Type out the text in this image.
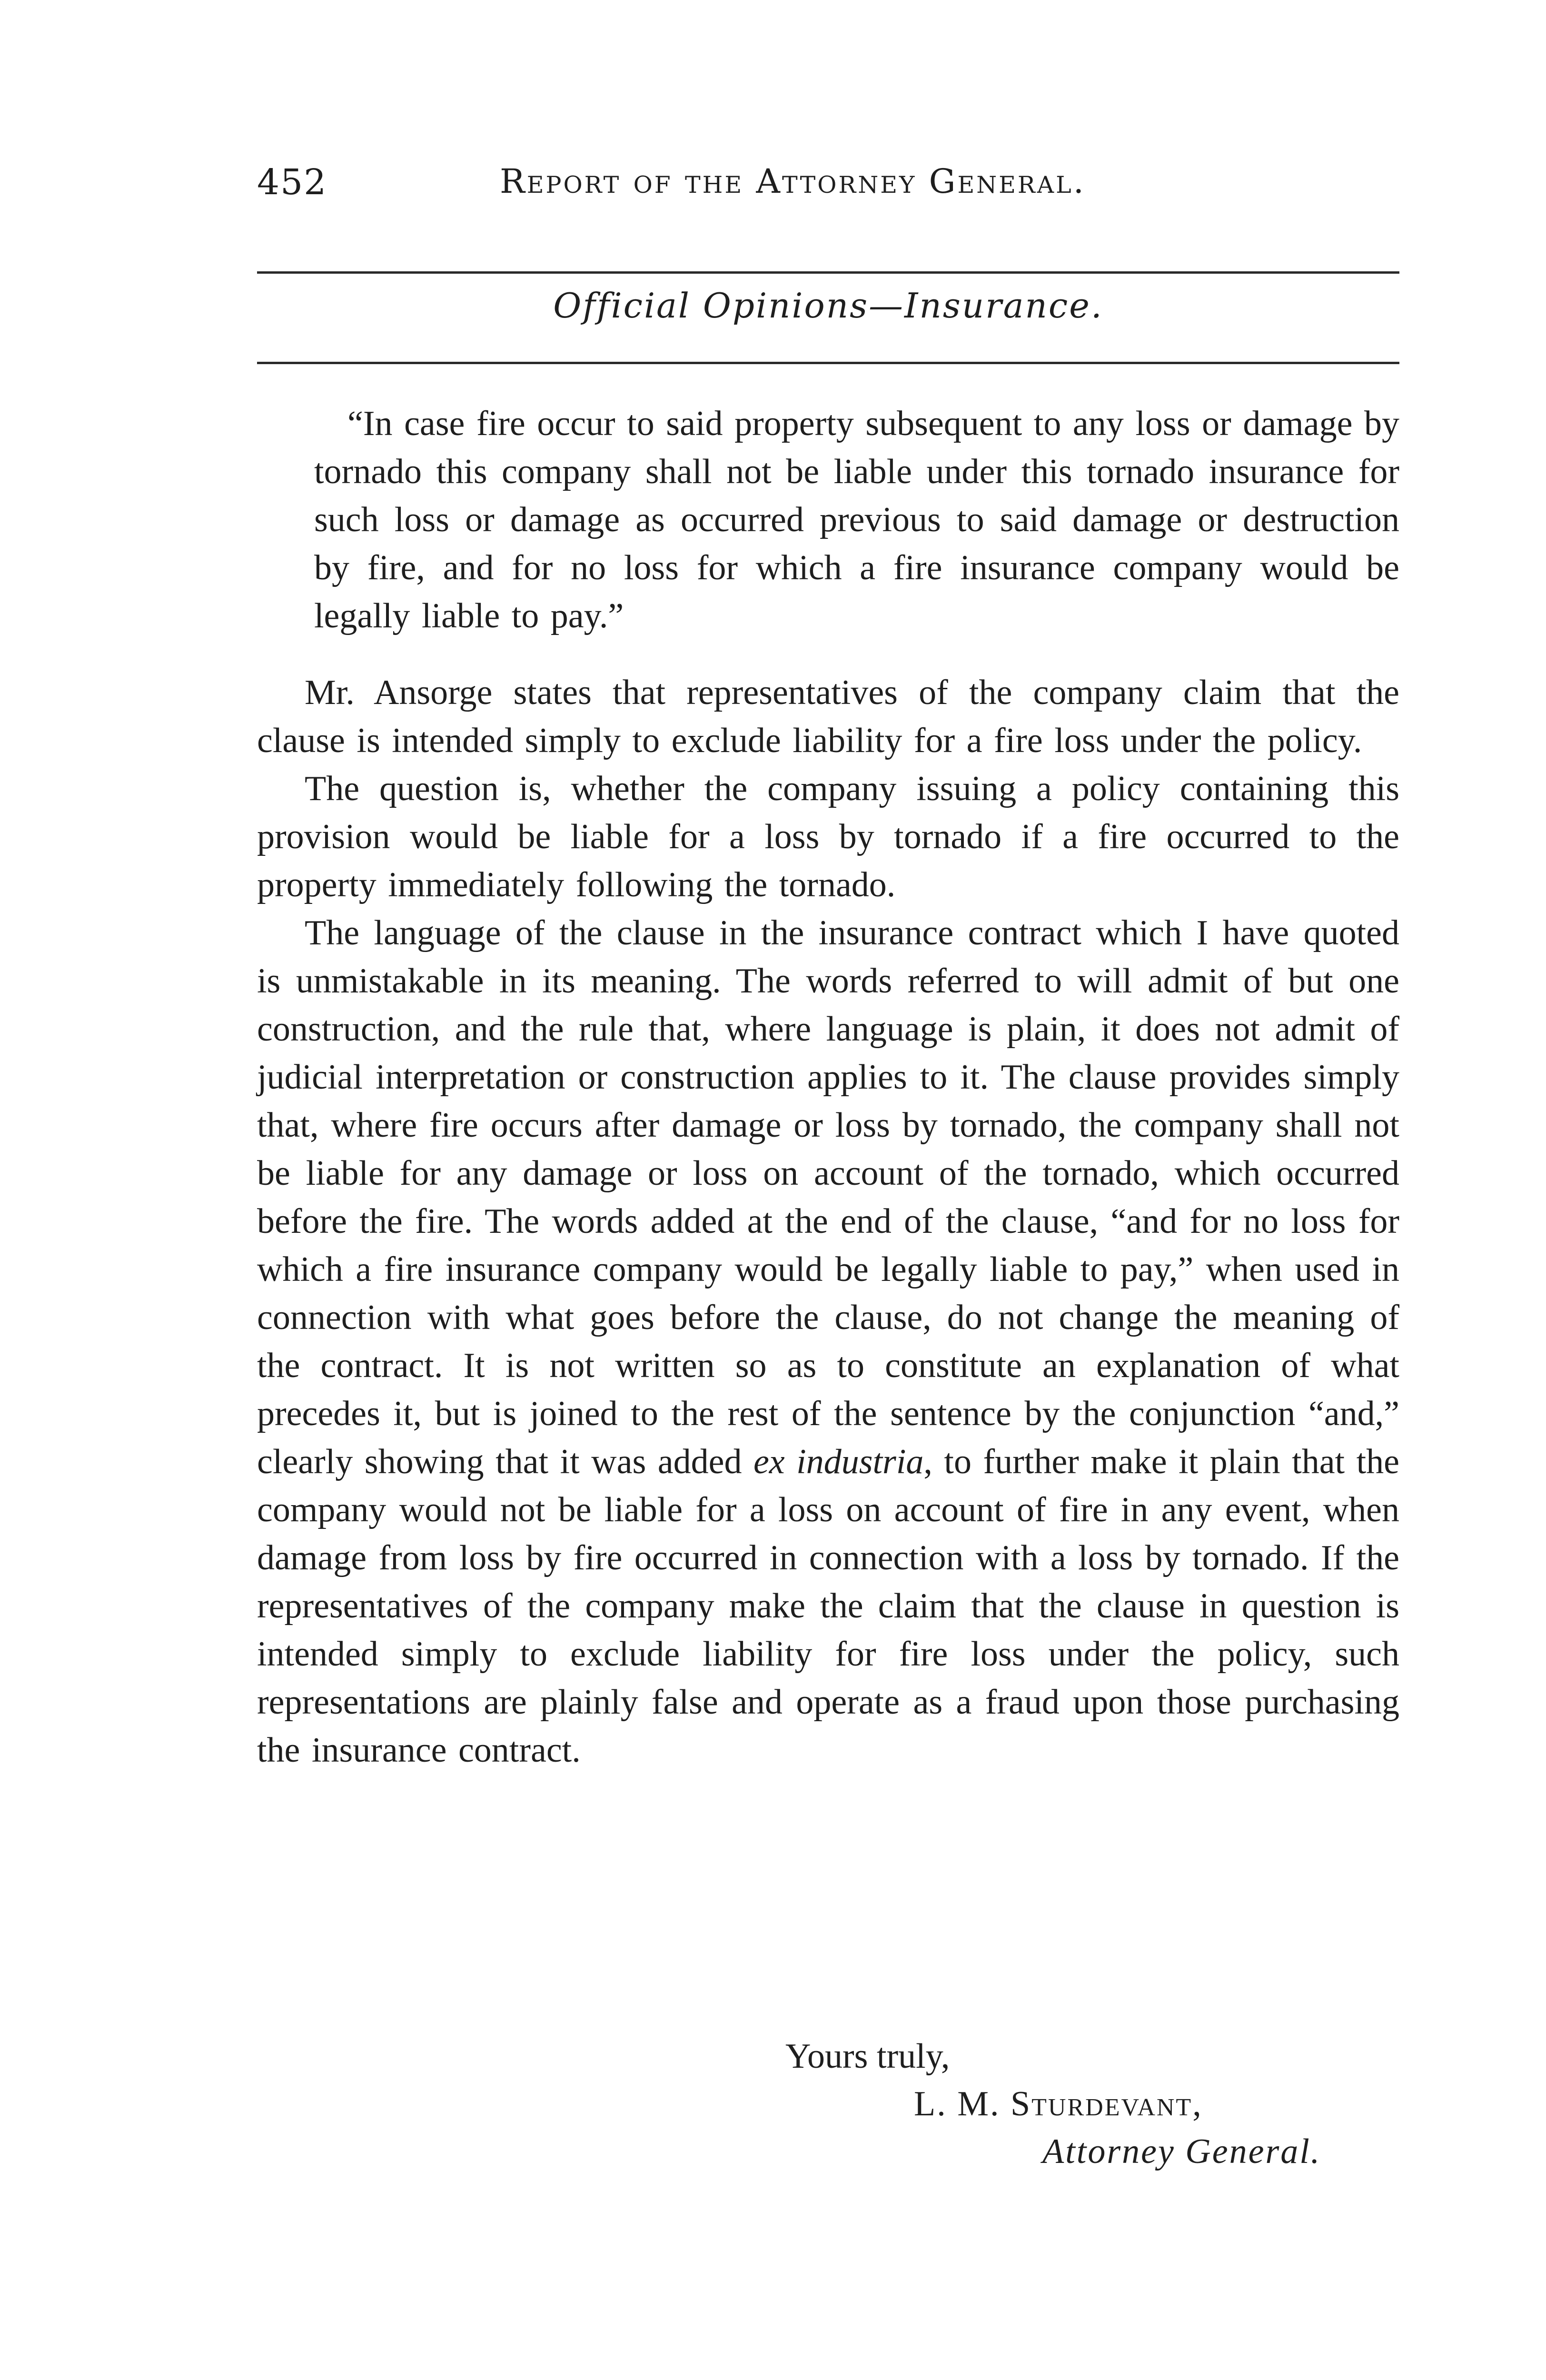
452	Report of the Attorney General.
Official Opinions—Insurance.

“In case fire occur to said property subsequent to any loss or damage by tornado this company shall not be liable under this tornado insurance for such loss or damage as occurred previous to said damage or destruction by fire, and for no loss for which a fire insurance company would be legally liable to pay.”

Mr. Ansorge states that representatives of the company claim that the clause is intended simply to exclude liability for a fire loss under the policy.

The question is, whether the company issuing a policy containing this provision would be liable for a loss by tornado if a fire occurred to the property immediately following the tornado.

The language of the clause in the insurance contract which I have quoted is unmistakable in its meaning. The words referred to will admit of but one construction, and the rule that, where language is plain, it does not admit of judicial interpretation or construction applies to it. The clause provides simply that, where fire occurs after damage or loss by tornado, the company shall not be liable for any damage or loss on account of the tornado, which occurred before the fire. The words added at the end of the clause, “and for no loss for which a fire insurance company would be legally liable to pay,” when used in connection with what goes before the clause, do not change the meaning of the contract. It is not written so as to constitute an explanation of what precedes it, but is joined to the rest of the sentence by the conjunction “and,” clearly showing that it was added ex industria, to further make it plain that the company would not be liable for a loss on account of fire in any event, when damage from loss by fire occurred in connection with a loss by tornado. If the representatives of the company make the claim that the clause in question is intended simply to exclude liability for fire loss under the policy, such representations are plainly false and operate as a fraud upon those purchasing the insurance contract.

Yours truly,
L. M. Sturdevant,
Attorney General.
